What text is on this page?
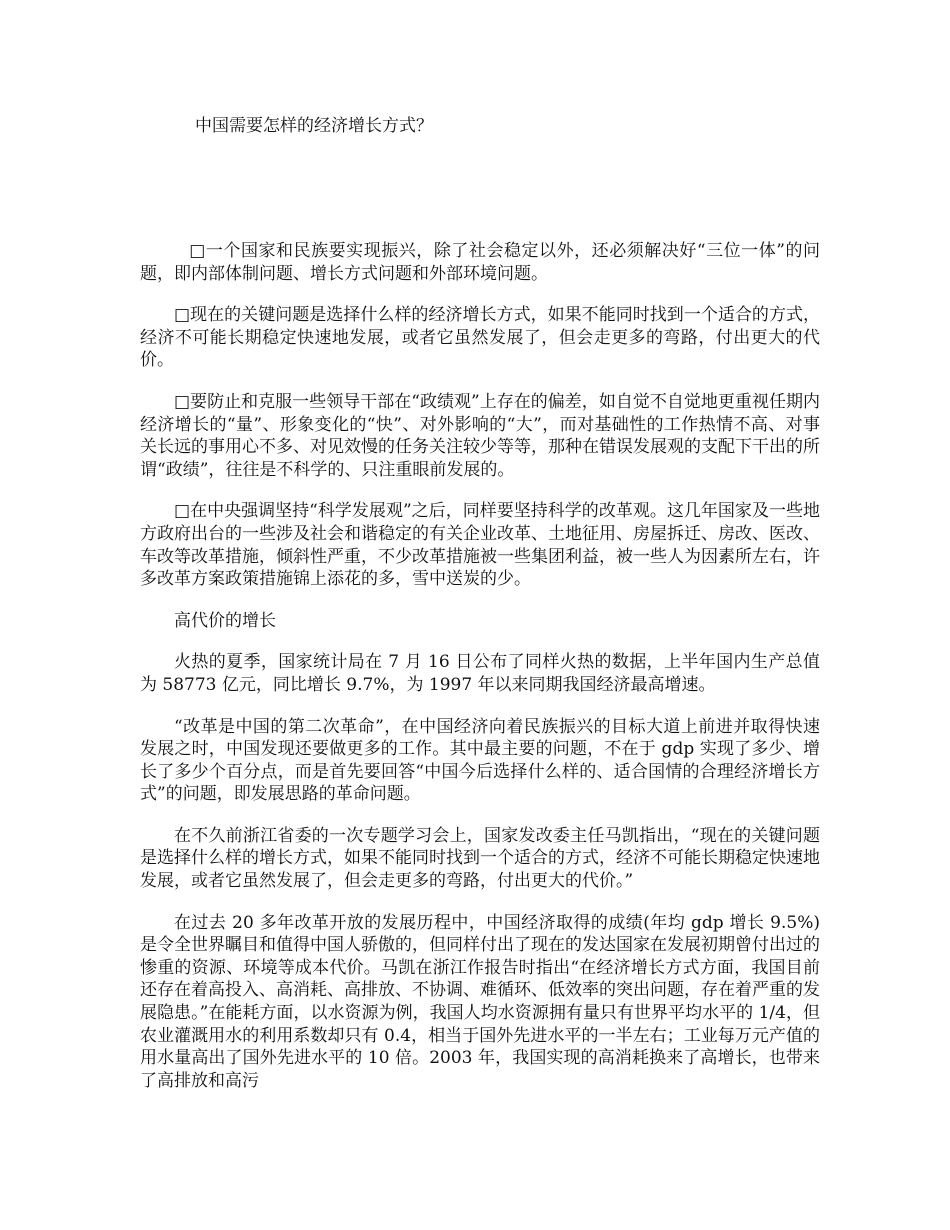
中国需要怎样的经济增长方式？

□一个国家和民族要实现振兴，除了社会稳定以外，还必须解决好“三位一体”的问题，即内部体制问题、增长方式问题和外部环境问题。

□现在的关键问题是选择什么样的经济增长方式，如果不能同时找到一个适合的方式，经济不可能长期稳定快速地发展，或者它虽然发展了，但会走更多的弯路，付出更大的代价。

□要防止和克服一些领导干部在“政绩观”上存在的偏差，如自觉不自觉地更重视任期内经济增长的“量”、形象变化的“快”、对外影响的“大”，而对基础性的工作热情不高、对事关长远的事用心不多、对见效慢的任务关注较少等等，那种在错误发展观的支配下干出的所谓“政绩”，往往是不科学的、只注重眼前发展的。

□在中央强调坚持“科学发展观”之后，同样要坚持科学的改革观。这几年国家及一些地方政府出台的一些涉及社会和谐稳定的有关企业改革、土地征用、房屋拆迁、房改、医改、车改等改革措施，倾斜性严重，不少改革措施被一些集团利益，被一些人为因素所左右，许多改革方案政策措施锦上添花的多，雪中送炭的少。

高代价的增长

火热的夏季，国家统计局在 7 月 16 日公布了同样火热的数据，上半年国内生产总值为 58773 亿元，同比增长 9.7%，为 1997 年以来同期我国经济最高增速。

“改革是中国的第二次革命”，在中国经济向着民族振兴的目标大道上前进并取得快速发展之时，中国发现还要做更多的工作。其中最主要的问题，不在于 gdp 实现了多少、增长了多少个百分点，而是首先要回答“中国今后选择什么样的、适合国情的合理经济增长方式”的问题，即发展思路的革命问题。

在不久前浙江省委的一次专题学习会上，国家发改委主任马凯指出，“现在的关键问题是选择什么样的增长方式，如果不能同时找到一个适合的方式，经济不可能长期稳定快速地发展，或者它虽然发展了，但会走更多的弯路，付出更大的代价。”

在过去 20 多年改革开放的发展历程中，中国经济取得的成绩(年均 gdp 增长 9.5%)是令全世界瞩目和值得中国人骄傲的，但同样付出了现在的发达国家在发展初期曾付出过的惨重的资源、环境等成本代价。马凯在浙江作报告时指出“在经济增长方式方面，我国目前还存在着高投入、高消耗、高排放、不协调、难循环、低效率的突出问题，存在着严重的发展隐患。”在能耗方面，以水资源为例，我国人均水资源拥有量只有世界平均水平的 1/4，但农业灌溉用水的利用系数却只有 0.4，相当于国外先进水平的一半左右；工业每万元产值的用水量高出了国外先进水平的 10 倍。2003 年，我国实现的高消耗换来了高增长，也带来了高排放和高污
